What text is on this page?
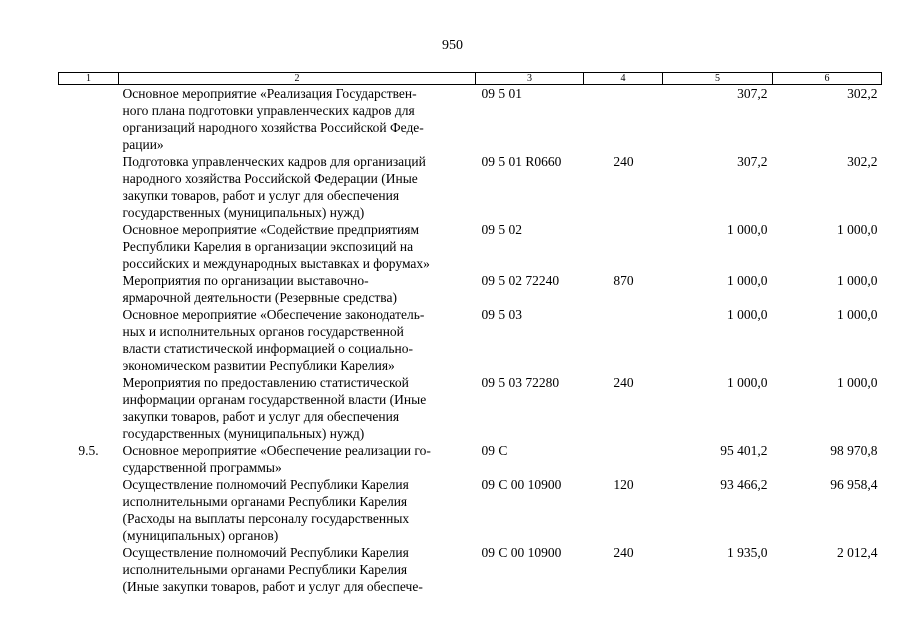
950
1	2	3	4	5	6

	Основное мероприятие «Реализация Государствен-
ного плана подготовки управленческих кадров для
организаций народного хозяйства Российской Феде-
рации»	09 5 01		307,2	302,2

	Подготовка управленческих кадров для организаций
народного хозяйства Российской Федерации (Иные
закупки товаров, работ и услуг для обеспечения
государственных (муниципальных) нужд)	09 5 01 R0660	240	307,2	302,2

	Основное мероприятие «Содействие предприятиям
Республики Карелия в организации экспозиций на
российских и международных выставках и форумах»	09 5 02		1 000,0	1 000,0

	Мероприятия по организации выставочно-
ярмарочной деятельности (Резервные средства)	09 5 02 72240	870	1 000,0	1 000,0

	Основное мероприятие «Обеспечение законодатель-
ных и исполнительных органов государственной
власти статистической информацией о социально-
экономическом развитии Республики Карелия»	09 5 03		1 000,0	1 000,0

	Мероприятия по предоставлению статистической
информации органам государственной власти (Иные
закупки товаров, работ и услуг для обеспечения
государственных (муниципальных) нужд)	09 5 03 72280	240	1 000,0	1 000,0
9.5.	Основное мероприятие «Обеспечение реализации го-
сударственной программы»	09 С		95 401,2	98 970,8

	Осуществление полномочий Республики Карелия
исполнительными органами Республики Карелия
(Расходы на выплаты персоналу государственных
(муниципальных) органов)	09 С 00 10900	120	93 466,2	96 958,4

	Осуществление полномочий Республики Карелия
исполнительными органами Республики Карелия
(Иные закупки товаров, работ и услуг для обеспече-	09 С 00 10900	240	1 935,0	2 012,4
